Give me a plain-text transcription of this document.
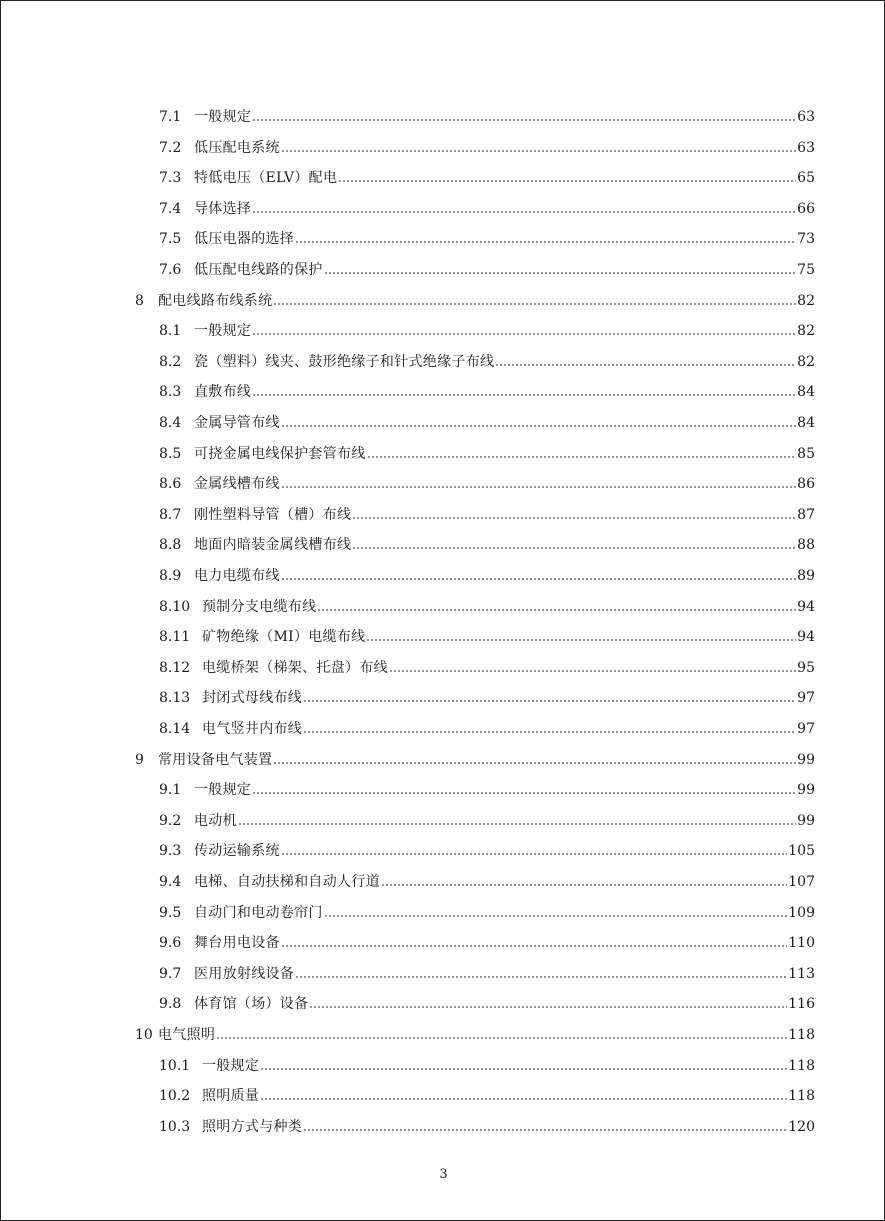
7.1 一般规定	63
7.2 低压配电系统	63
7.3 特低电压（ELV）配电	65
7.4 导体选择	66
7.5 低压电器的选择	73
7.6 低压配电线路的保护	75
8	配电线路布线系统	82
8.1 一般规定	82
8.2 瓷（塑料）线夹、鼓形绝缘子和针式绝缘子布线	82
8.3 直敷布线	84
8.4 金属导管布线	84
8.5 可挠金属电线保护套管布线	85
8.6 金属线槽布线	86
8.7 刚性塑料导管（槽）布线	87
8.8 地面内暗装金属线槽布线	88
8.9 电力电缆布线	89
8.10 预制分支电缆布线	94
8.11 矿物绝缘（MI）电缆布线	94
8.12 电缆桥架（梯架、托盘）布线	95
8.13 封闭式母线布线	97
8.14 电气竖井内布线	97
9	常用设备电气装置	99
9.1 一般规定	99
9.2 电动机	99
9.3 传动运输系统	105
9.4 电梯、自动扶梯和自动人行道	107
9.5 自动门和电动卷帘门	109
9.6 舞台用电设备	110
9.7 医用放射线设备	113
9.8 体育馆（场）设备	116
10 电气照明	118
10.1 一般规定	118
10.2 照明质量	118
10.3 照明方式与种类	120
3
